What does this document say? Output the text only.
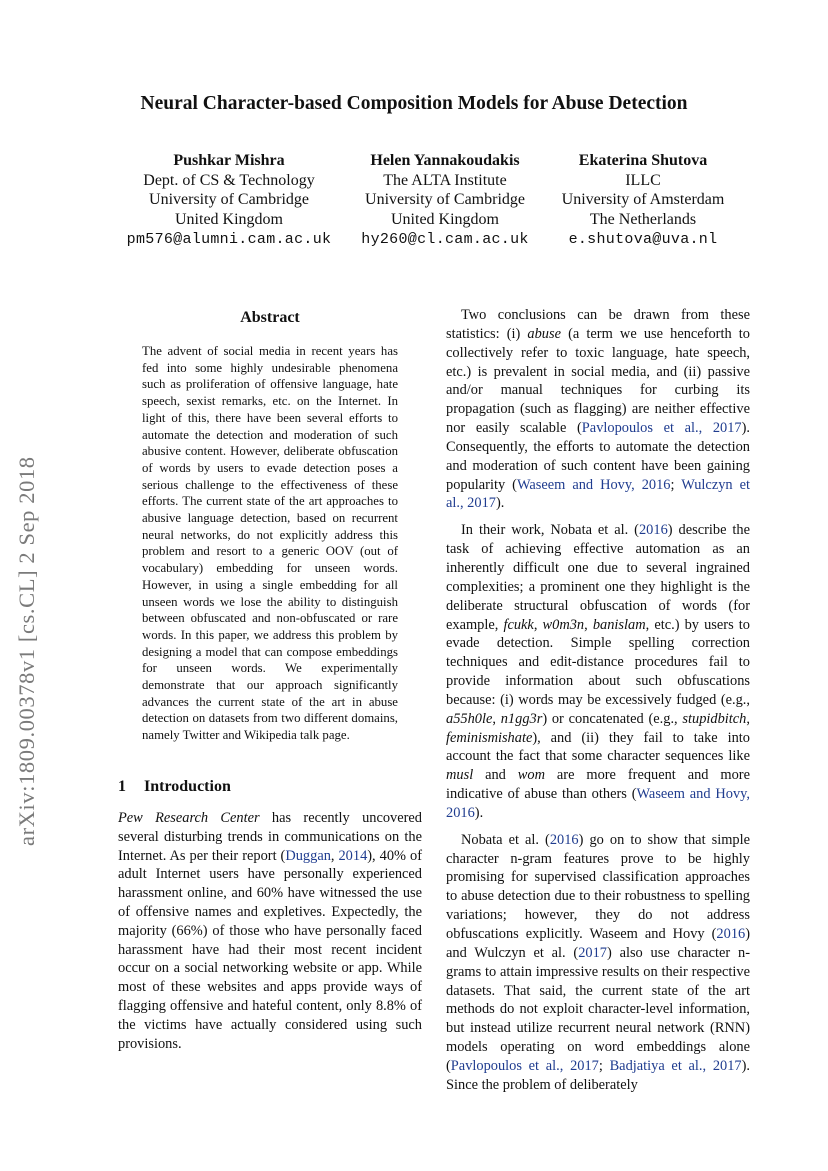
Neural Character-based Composition Models for Abuse Detection
Pushkar Mishra
Dept. of CS & Technology
University of Cambridge
United Kingdom
pm576@alumni.cam.ac.uk
Helen Yannakoudakis
The ALTA Institute
University of Cambridge
United Kingdom
hy260@cl.cam.ac.uk
Ekaterina Shutova
ILLC
University of Amsterdam
The Netherlands
e.shutova@uva.nl
arXiv:1809.00378v1 [cs.CL] 2 Sep 2018
Abstract
The advent of social media in recent years has fed into some highly undesirable phenomena such as proliferation of offensive language, hate speech, sexist remarks, etc. on the Internet. In light of this, there have been several efforts to automate the detection and moderation of such abusive content. However, deliberate obfuscation of words by users to evade detection poses a serious challenge to the effectiveness of these efforts. The current state of the art approaches to abusive language detection, based on recurrent neural networks, do not explicitly address this problem and resort to a generic OOV (out of vocabulary) embedding for unseen words. However, in using a single embedding for all unseen words we lose the ability to distinguish between obfuscated and non-obfuscated or rare words. In this paper, we address this problem by designing a model that can compose embeddings for unseen words. We experimentally demonstrate that our approach significantly advances the current state of the art in abuse detection on datasets from two different domains, namely Twitter and Wikipedia talk page.
1 Introduction

Pew Research Center has recently uncovered several disturbing trends in communications on the Internet. As per their report (Duggan, 2014), 40% of adult Internet users have personally experienced harassment online, and 60% have witnessed the use of offensive names and expletives. Expectedly, the majority (66%) of those who have personally faced harassment have had their most recent incident occur on a social networking website or app. While most of these websites and apps provide ways of flagging offensive and hateful content, only 8.8% of the victims have actually considered using such provisions.

Two conclusions can be drawn from these statistics: (i) abuse (a term we use henceforth to collectively refer to toxic language, hate speech, etc.) is prevalent in social media, and (ii) passive and/or manual techniques for curbing its propagation (such as flagging) are neither effective nor easily scalable (Pavlopoulos et al., 2017). Consequently, the efforts to automate the detection and moderation of such content have been gaining popularity (Waseem and Hovy, 2016; Wulczyn et al., 2017).

In their work, Nobata et al. (2016) describe the task of achieving effective automation as an inherently difficult one due to several ingrained complexities; a prominent one they highlight is the deliberate structural obfuscation of words (for example, fcukk, w0m3n, banislam, etc.) by users to evade detection. Simple spelling correction techniques and edit-distance procedures fail to provide information about such obfuscations because: (i) words may be excessively fudged (e.g., a55h0le, n1gg3r) or concatenated (e.g., stupidbitch, feminismishate), and (ii) they fail to take into account the fact that some character sequences like musl and wom are more frequent and more indicative of abuse than others (Waseem and Hovy, 2016).

Nobata et al. (2016) go on to show that simple character n-gram features prove to be highly promising for supervised classification approaches to abuse detection due to their robustness to spelling variations; however, they do not address obfuscations explicitly. Waseem and Hovy (2016) and Wulczyn et al. (2017) also use character n-grams to attain impressive results on their respective datasets. That said, the current state of the art methods do not exploit character-level information, but instead utilize recurrent neural network (RNN) models operating on word embeddings alone (Pavlopoulos et al., 2017; Badjatiya et al., 2017). Since the problem of deliberately
